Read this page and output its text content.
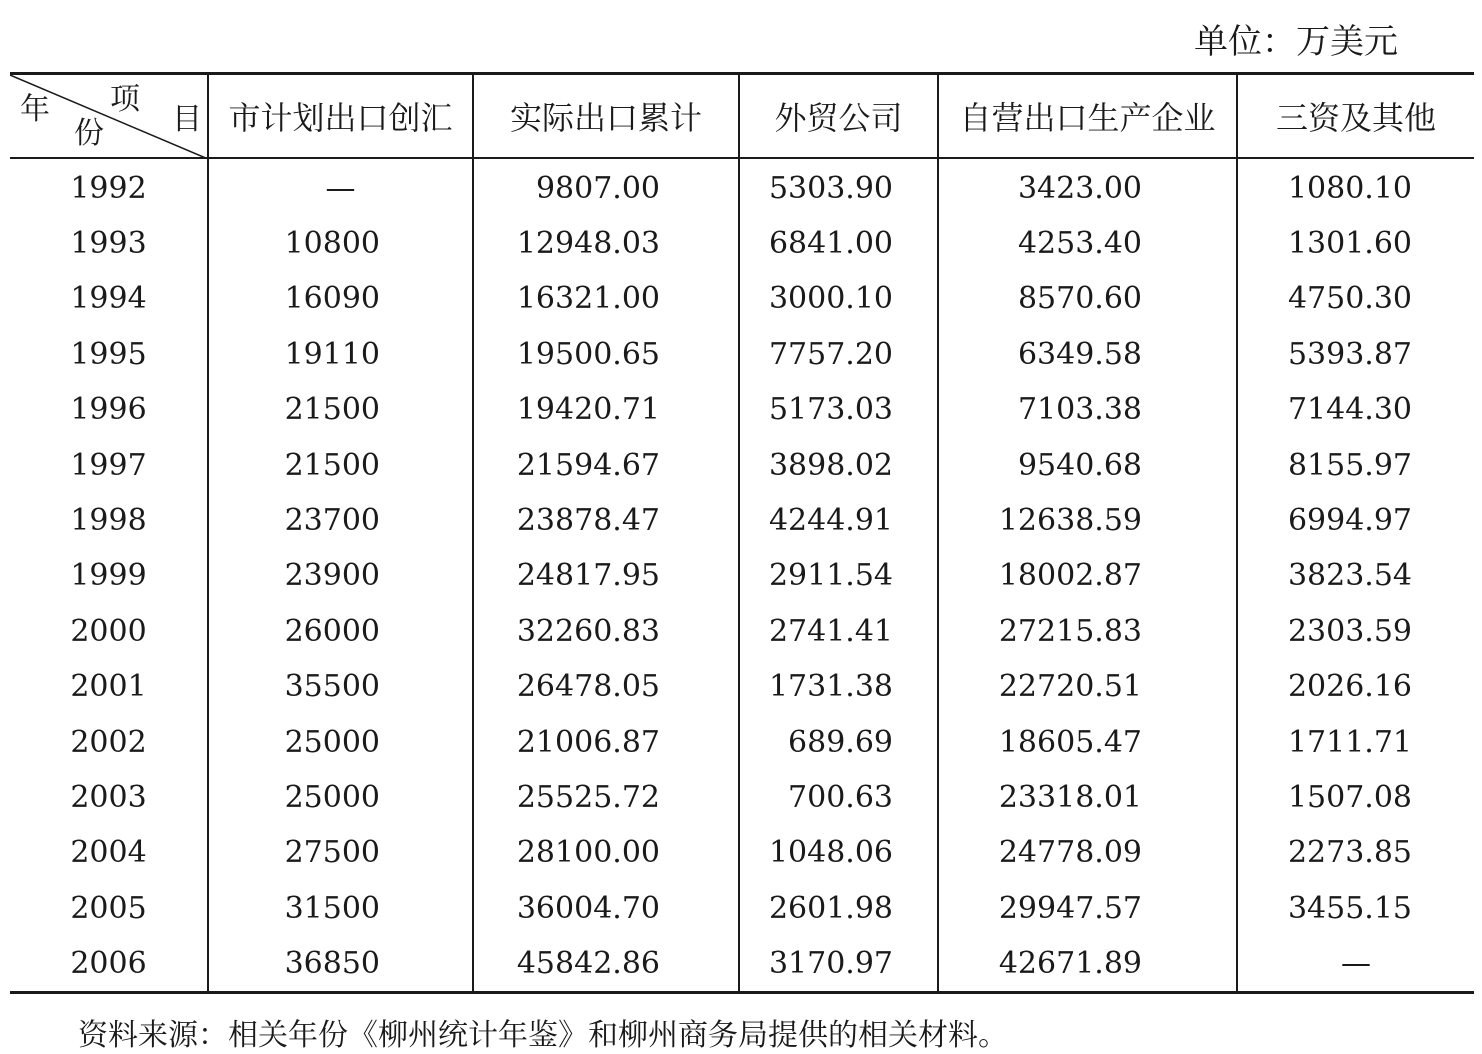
单位：万美元
年
份
项
目	市计划出口创汇	实际出口累计	外贸公司	自营出口生产企业	三资及其他
1992	—	9807.00	5303.90	3423.00	1080.10
1993	10800	12948.03	6841.00	4253.40	1301.60
1994	16090	16321.00	3000.10	8570.60	4750.30
1995	19110	19500.65	7757.20	6349.58	5393.87
1996	21500	19420.71	5173.03	7103.38	7144.30
1997	21500	21594.67	3898.02	9540.68	8155.97
1998	23700	23878.47	4244.91	12638.59	6994.97
1999	23900	24817.95	2911.54	18002.87	3823.54
2000	26000	32260.83	2741.41	27215.83	2303.59
2001	35500	26478.05	1731.38	22720.51	2026.16
2002	25000	21006.87	689.69	18605.47	1711.71
2003	25000	25525.72	700.63	23318.01	1507.08
2004	27500	28100.00	1048.06	24778.09	2273.85
2005	31500	36004.70	2601.98	29947.57	3455.15
2006	36850	45842.86	3170.97	42671.89	—
资料来源：相关年份《柳州统计年鉴》和柳州商务局提供的相关材料。
